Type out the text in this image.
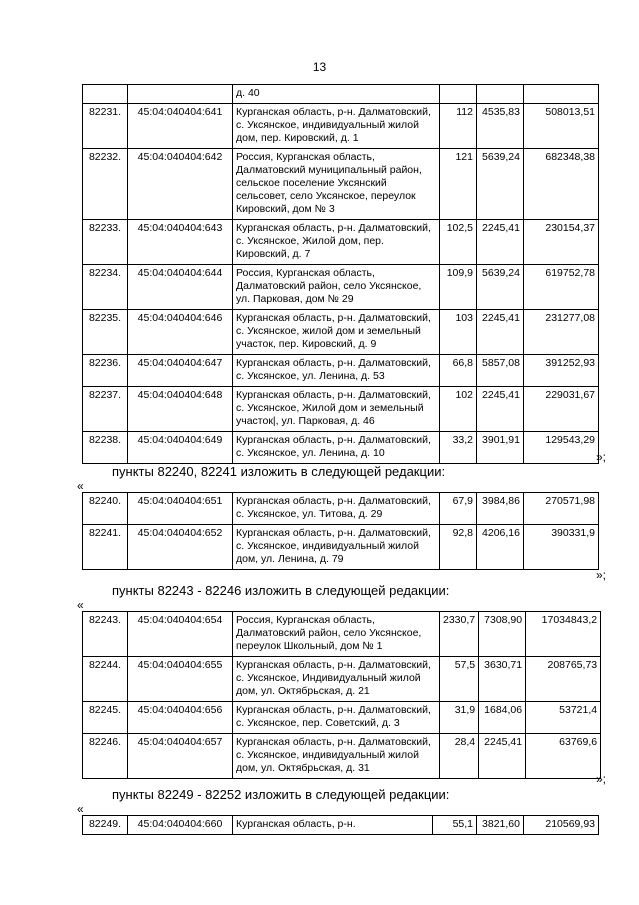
13
		д. 40			
82231.	45:04:040404:641	Курганская область, р-н. Далматовский, с. Уксянское, индивидуальный жилой дом, пер. Кировский, д. 1	112	4535,83	508013,51
82232.	45:04:040404:642	Россия, Курганская область, Далматовский муниципальный район, сельское поселение Уксянский сельсовет, село Уксянское, переулок Кировский, дом № 3	121	5639,24	682348,38
82233.	45:04:040404:643	Курганская область, р-н. Далматовский, с. Уксянское, Жилой дом, пер. Кировский, д. 7	102,5	2245,41	230154,37
82234.	45:04:040404:644	Россия, Курганская область, Далматовский район, село Уксянское, ул. Парковая, дом № 29	109,9	5639,24	619752,78
82235.	45:04:040404:646	Курганская область, р-н. Далматовский, с. Уксянское, жилой дом и земельный участок, пер. Кировский, д. 9	103	2245,41	231277,08
82236.	45:04:040404:647	Курганская область, р-н. Далматовский, с. Уксянское, ул. Ленина, д. 53	66,8	5857,08	391252,93
82237.	45:04:040404:648	Курганская область, р-н. Далматовский, с. Уксянское, Жилой дом и земельный участок|, ул. Парковая, д. 46	102	2245,41	229031,67
82238.	45:04:040404:649	Курганская область, р-н. Далматовский, с. Уксянское, ул. Ленина, д. 10	33,2	3901,91	129543,29
»;
пункты 82240, 82241 изложить в следующей редакции:
«
82240.	45:04:040404:651	Курганская область, р-н. Далматовский, с. Уксянское, ул. Титова, д. 29	67,9	3984,86	270571,98
82241.	45:04:040404:652	Курганская область, р-н. Далматовский, с. Уксянское, индивидуальный жилой дом, ул. Ленина, д. 79	92,8	4206,16	390331,9
»;
пункты 82243 - 82246 изложить в следующей редакции:
«
82243.	45:04:040404:654	Россия, Курганская область, Далматовский район, село Уксянское, переулок Школьный, дом № 1	2330,7	7308,90	17034843,2
82244.	45:04:040404:655	Курганская область, р-н. Далматовский, с. Уксянское, Индивидуальный жилой дом, ул. Октябрьская, д. 21	57,5	3630,71	208765,73
82245.	45:04:040404:656	Курганская область, р-н. Далматовский, с. Уксянское, пер. Советский, д. 3	31,9	1684,06	53721,4
82246.	45:04:040404:657	Курганская область, р-н. Далматовский, с. Уксянское, индивидуальный жилой дом, ул. Октябрьская, д. 31	28,4	2245,41	63769,6
»;
пункты 82249 - 82252 изложить в следующей редакции:
«
82249.	45:04:040404:660	Курганская область, р-н.	55,1	3821,60	210569,93
